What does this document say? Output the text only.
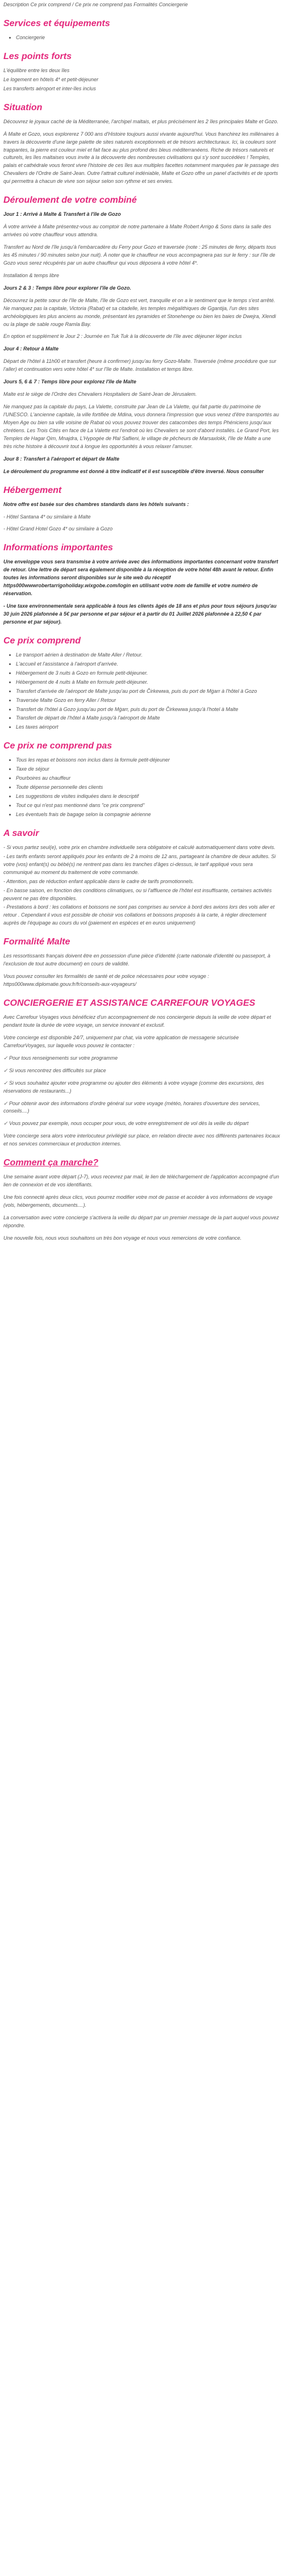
Description Ce prix comprend / Ce prix ne comprend pas Formalités Conciergerie
Services et équipements
• Conciergerie
Les points forts
L'équilibre entre les deux îles
Le logement en hôtels 4* et petit-déjeuner
Les transferts aéroport et inter-îles inclus
Situation
Découvrez le joyaux caché de la Méditerranée, l'archipel maltais, et plus précisément les 2 îles principales Malte et Gozo.
À Malte et Gozo, vous explorerez 7 000 ans d'Histoire toujours aussi vivante aujourd'hui. Vous franchirez les millénaires à travers la découverte d'une large palette de sites naturels exceptionnels et de trésors architecturaux. Ici, la couleurs sont trappantes, la pierre est couleur miel et fait face au plus profond des bleus méditerranéens. Riche de trésors naturels et culturels, les îles maltaises vous invite à la découverte des nombreuses civilisations qui s'y sont succédées ! Temples, palais et cathédrale vous feront vivre l'histoire de ces îles aux multiples facettes notamment marquées par le passage des Chevaliers de l'Ordre de Saint-Jean. Outre l'attrait culturel indéniable, Malte et Gozo offre un panel d'activités et de sports qui permettra à chacun de vivre son séjour selon son rythme et ses envies.
Déroulement de votre combiné
Jour 1 : Arrivé à Malte & Transfert à l'île de Gozo
À votre arrivée à Malte présentez-vous au comptoir de notre partenaire à Malte Robert Arrigo & Sons dans la salle des arrivées où votre chauffeur vous attendra.
Transfert au Nord de l'île jusqu'à l'embarcadère du Ferry pour Gozo et traversée (note : 25 minutes de ferry, départs tous les 45 minutes / 90 minutes selon jour nuit). À noter que le chauffeur ne vous accompagnera pas sur le ferry : sur l'île de Gozo vous serez récupérés par un autre chauffeur qui vous déposera à votre hôtel 4*.
Installation & temps libre
Jours 2 & 3 : Temps libre pour explorer l'île de Gozo.
Découvrez la petite sœur de l'île de Malte, l'île de Gozo est vert, tranquille et on a le sentiment que le temps s'est arrêté. Ne manquez pas la capitale, Victoria (Rabat) et sa citadelle, les temples mégalithiques de Ggantija, l'un des sites archéologiques les plus anciens au monde, présentant les pyramides et Stonehenge ou bien les baies de Dwejra, Xlendi ou la plage de sable rouge Ramla Bay.
En option et supplément le Jour 2 : Journée en Tuk Tuk à la découverte de l'île avec déjeuner léger inclus
Jour 4 : Retour à Malte
Départ de l'hôtel à 11h00 et transfert (heure à confirmer) jusqu'au ferry Gozo-Malte. Traversée (même procédure que sur l'aller) et continuation vers votre hôtel 4* sur l'île de Malte. Installation et temps libre.
Jours 5, 6 & 7 : Temps libre pour explorez l'île de Malte
Malte est le siège de l'Ordre des Chevaliers Hospitaliers de Saint-Jean de Jérusalem.
Ne manquez pas la capitale du pays, La Valette, construite par Jean de La Valette, qui fait partie du patrimoine de l'UNESCO. L'ancienne capitale, la ville fortifiée de Mdina, vous donnera l'impression que vous venez d'être transportés au Moyen Age ou bien sa ville voisine de Rabat où vous pouvez trouver des catacombes des temps Phéniciens jusqu'aux chrétiens. Les Trois Cités en face de La Valette est l'endroit où les Chevaliers se sont d'abord installés. Le Grand Port, les Temples de Hagar Qim, Mnajdra, L'Hypogée de Ħal Saflieni, le village de pêcheurs de Marsaxlokk, l'île de Malte a une très riche histoire à découvrir tout à longue les opportunités à vous relaxer l'amuser.
Jour 8 : Transfert à l'aéroport et départ de Malte
Le déroulement du programme est donné à titre indicatif et il est susceptible d'être inversé. Nous consulter
Hébergement
Notre offre est basée sur des chambres standards dans les hôtels suivants :
- Hôtel Santana 4* ou similaire à Malte
- Hôtel Grand Hotel Gozo 4* ou similaire à Gozo
Informations importantes
Une enveloppe vous sera transmise à votre arrivée avec des informations importantes concernant votre transfert de retour. Une lettre de départ sera également disponible à la réception de votre hôtel 48h avant le retour. Enfin toutes les informations seront disponibles sur le site web du réceptif https000wwwrobertarrigoholiday.wixgobe.com/login en utilisant votre nom de famille et votre numéro de réservation.
- Une taxe environnementale sera applicable à tous les clients âgés de 18 ans et plus pour tous séjours jusqu'au 30 juin 2026 plafonnée à 5€ par personne et par séjour et à partir du 01 Juillet 2026 plafonnée à 22,50 € par personne et par séjour).
Ce prix comprend
• Le transport aérien à destination de Malte Aller / Retour.
• L'accueil et l'assistance à l'aéroport d'arrivée.
• Hébergement de 3 nuits à Gozo en formule petit-déjeuner.
• Hébergement de 4 nuits à Malte en formule petit-déjeuner.
• Transfert d'arrivée de l'aéroport de Malte jusqu'au port de Čirkewwa, puis du port de Mġarr à l'hôtel à Gozo
• Traversée Malte Gozo en ferry Aller / Retour
• Transfert de l'hôtel à Gozo jusqu'au port de Mġarr, puis du port de Čirkewwa jusqu'à l'hotel à Malte
• Transfert de départ de l'hôtel à Malte jusqu'à l'aéroport de Malte
• Les taxes aéroport
Ce prix ne comprend pas
• Tous les repas et boissons non inclus dans la formule petit-déjeuner
• Taxe de séjour
• Pourboires au chauffeur
• Toute dépense personnelle des clients
• Les suggestions de visites indiquées dans le descriptif
• Tout ce qui n'est pas mentionné dans "ce prix comprend"
• Les éventuels frais de bagage selon la compagnie aérienne
A savoir
- Si vous partez seul(e), votre prix en chambre individuelle sera obligatoire et calculé automatiquement dans votre devis.
- Les tarifs enfants seront appliqués pour les enfants de 2 à moins de 12 ans, partageant la chambre de deux adultes. Si votre (vos) enfant(s) ou bébé(s) ne rentrent pas dans les tranches d'âges ci-dessus, le tarif appliqué vous sera communiqué au moment du traitement de votre commande.
- Attention, pas de réduction enfant applicable dans le cadre de tarifs promotionnels.
- En basse saison, en fonction des conditions climatiques, ou si l'affluence de l'hôtel est insuffisante, certaines activités peuvent ne pas être disponibles.
- Prestations à bord : les collations et boissons ne sont pas comprises au service à bord des avions lors des vols aller et retour . Cependant il vous est possible de choisir vos collations et boissons proposés à la carte, à régler directement auprès de l'équipage au cours du vol (paiement en espèces et en euros uniquement)
Formalité Malte
Les ressortissants français doivent être en possession d'une pièce d'identité (carte nationale d'identité ou passeport, à l'exclusion de tout autre document) en cours de validité.
Vous pouvez consulter les formalités de santé et de police nécessaires pour votre voyage : https000www.diplomatie.gouv.fr/fr/conseils-aux-voyageurs/
CONCIERGERIE ET ASSISTANCE CARREFOUR VOYAGES
Avec Carrefour Voyages vous bénéficiez d'un accompagnement de nos conciergerie depuis la veille de votre départ et pendant toute la durée de votre voyage, un service innovant et exclusif.
Votre concierge est disponible 24/7, uniquement par chat, via votre application de messagerie sécurisée CarrefourVoyages, sur laquelle vous pouvez le contacter :
✓ Pour tous renseignements sur votre programme
✓ Si vous rencontrez des difficultés sur place
✓ Si vous souhaitez ajouter votre programme ou ajouter des éléments à votre voyage (comme des excursions, des réservations de restaurants...)
✓ Pour obtenir avoir des informations d'ordre général sur votre voyage (météo, horaires d'ouverture des services, conseils....)
✓ Vous pouvez par exemple, nous occuper pour vous, de votre enregistrement de vol dès la veille du départ
Votre concierge sera alors votre interlocuteur privilégié sur place, en relation directe avec nos différents partenaires locaux et nos services commerciaux et production internes.
Comment ça marche?
Une semaine avant votre départ (J-7), vous recevrez par mail, le lien de téléchargement de l'application accompagné d'un lien de connexion et de vos identifiants.
Une fois connecté après deux clics, vous pourrez modifier votre mot de passe et accéder à vos informations de voyage (vols, hébergements, documents....).
La conversation avec votre concierge s'activera la veille du départ par un premier message de la part auquel vous pouvez répondre.
Une nouvelle fois, nous vous souhaitons un très bon voyage et nous vous remercions de votre confiance.
